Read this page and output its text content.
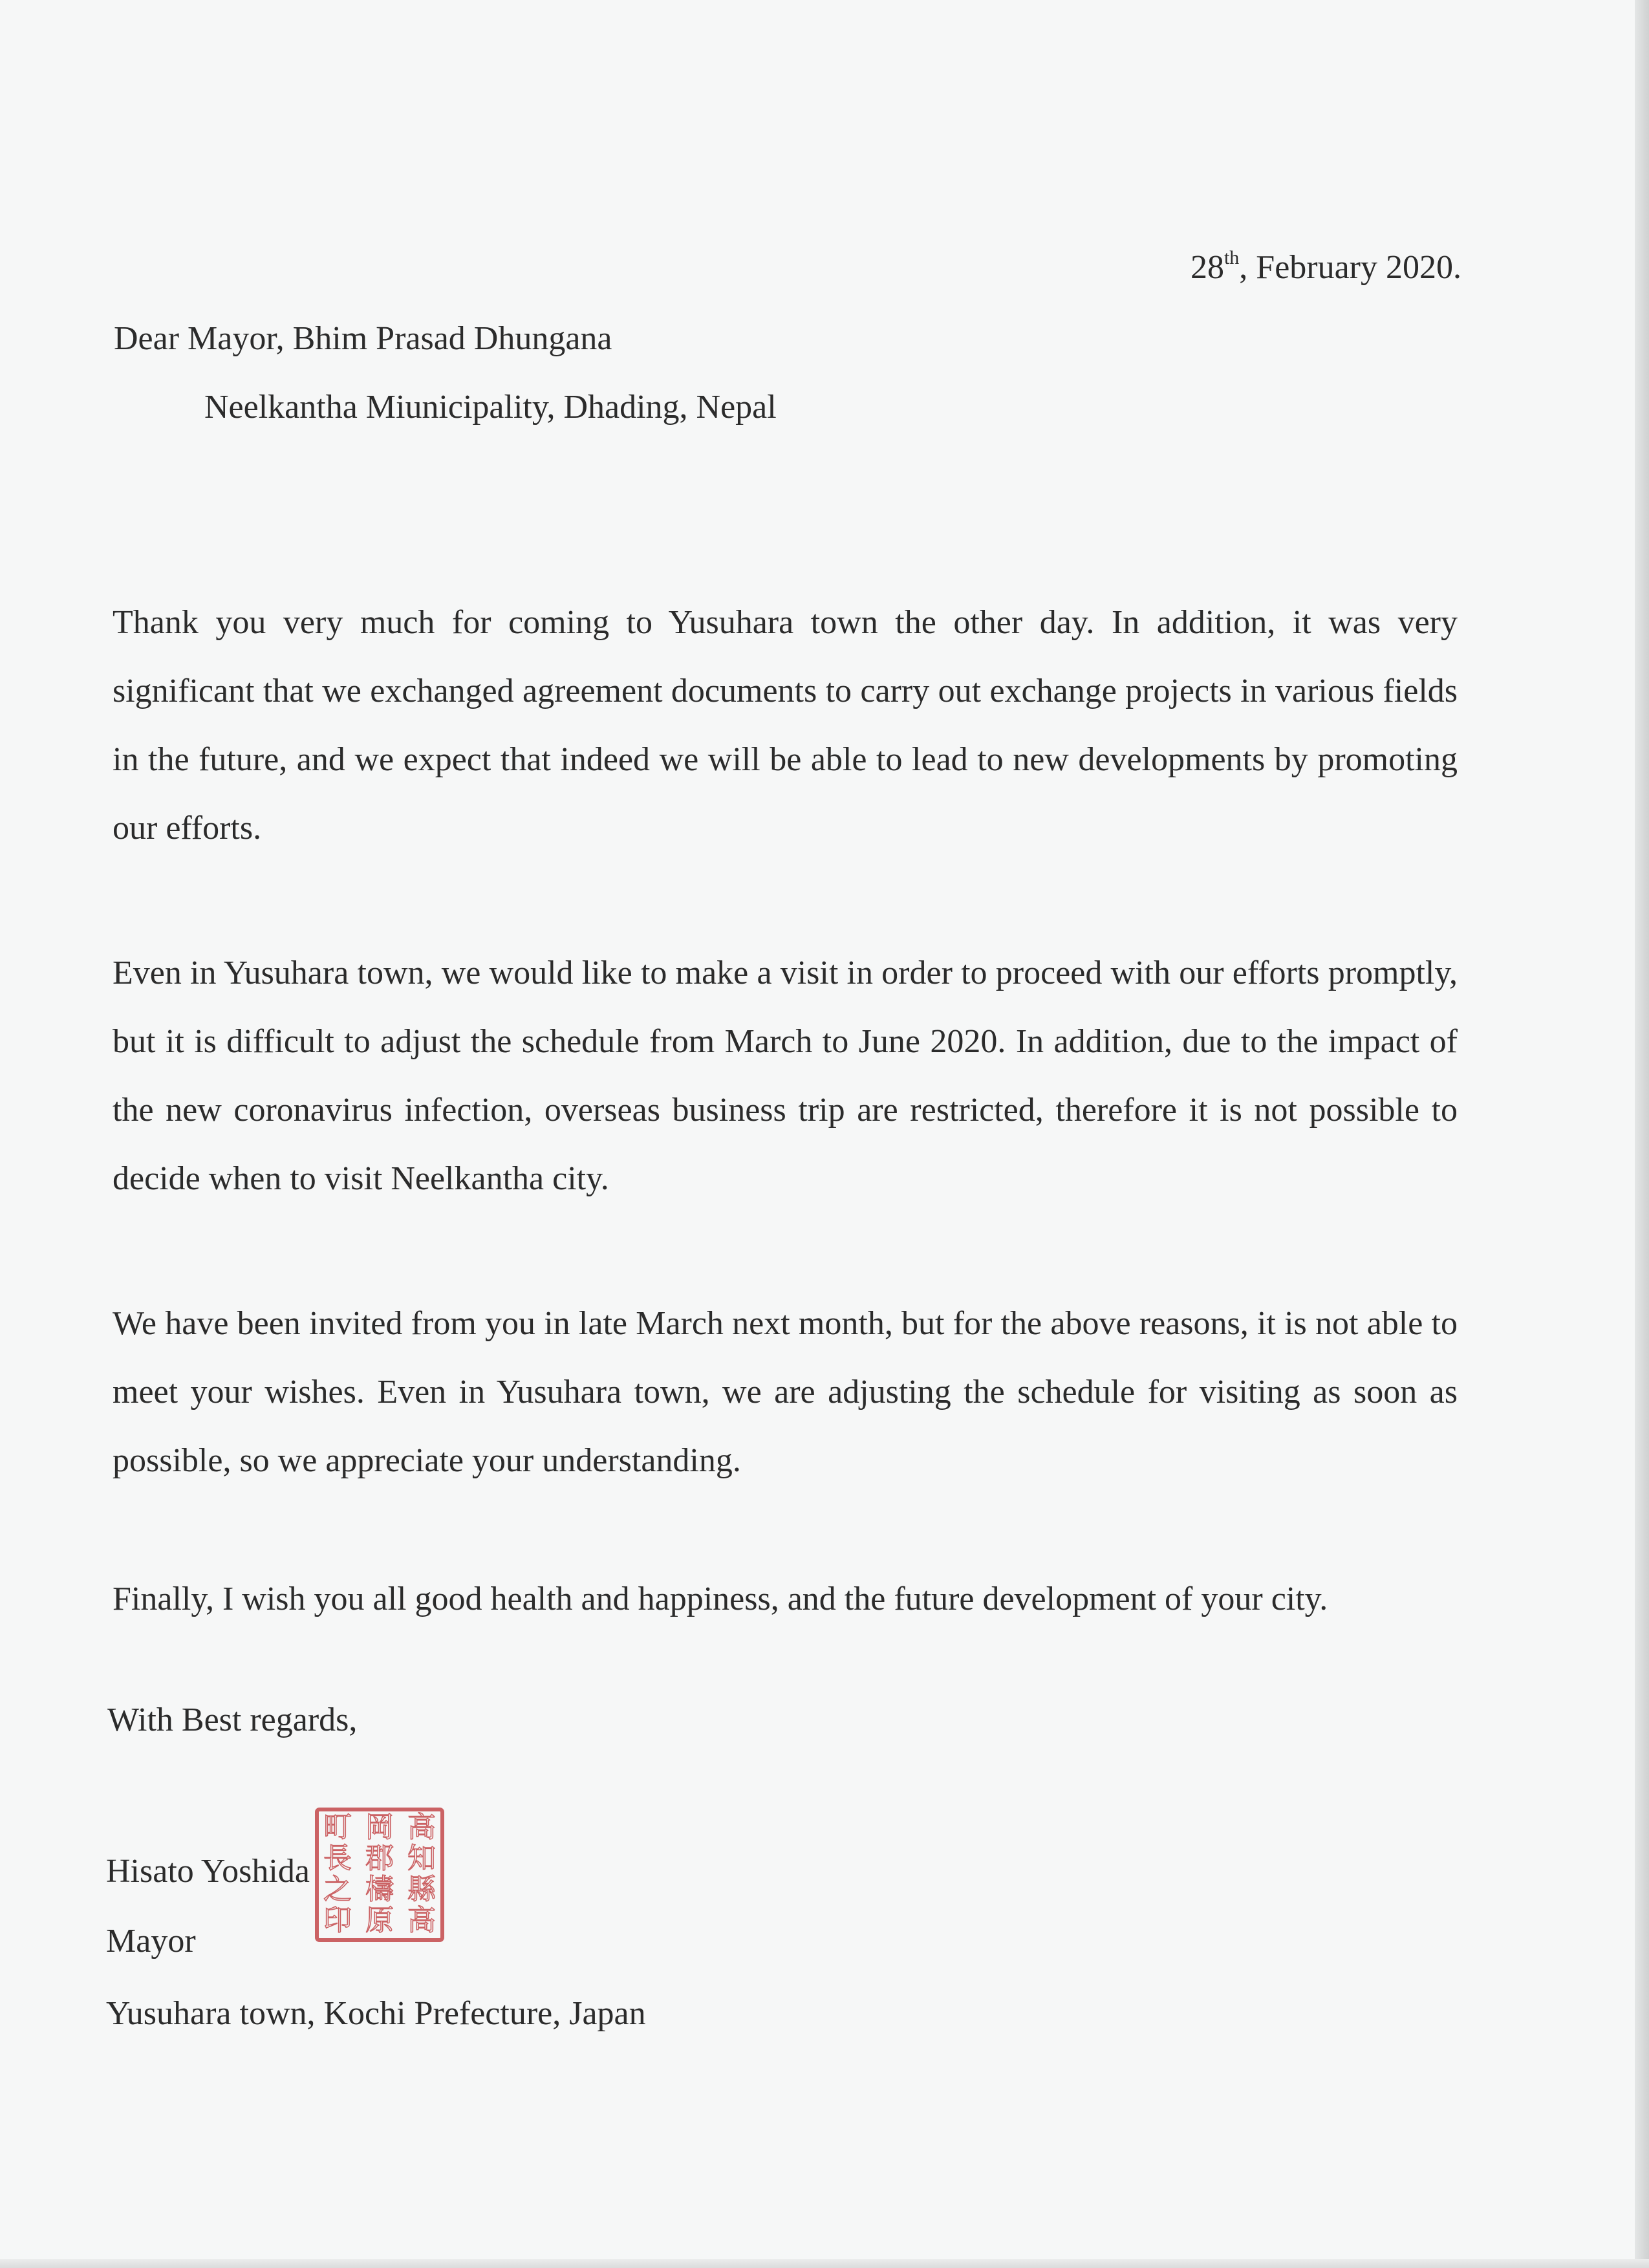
28th, February 2020.
Dear Mayor, Bhim Prasad Dhungana
Neelkantha Miunicipality, Dhading, Nepal

Thank you very much for coming to Yusuhara town the other day. In addition, it was very significant that we exchanged agreement documents to carry out exchange projects in various fields in the future, and we expect that indeed we will be able to lead to new developments by promoting our efforts.

Even in Yusuhara town, we would like to make a visit in order to proceed with our efforts promptly, but it is difficult to adjust the schedule from March to June 2020. In addition, due to the impact of the new coronavirus infection, overseas business trip are restricted, therefore it is not possible to decide when to visit Neelkantha city.

We have been invited from you in late March next month, but for the above reasons, it is not able to meet your wishes. Even in Yusuhara town, we are adjusting the schedule for visiting as soon as possible, so we appreciate your understanding.

Finally, I wish you all good health and happiness, and the future development of your city.

With Best regards,
Hisato Yoshida
Mayor
Yusuhara town, Kochi Prefecture, Japan
高
知
縣
高
岡
郡
檮
原
町
長
之
印
